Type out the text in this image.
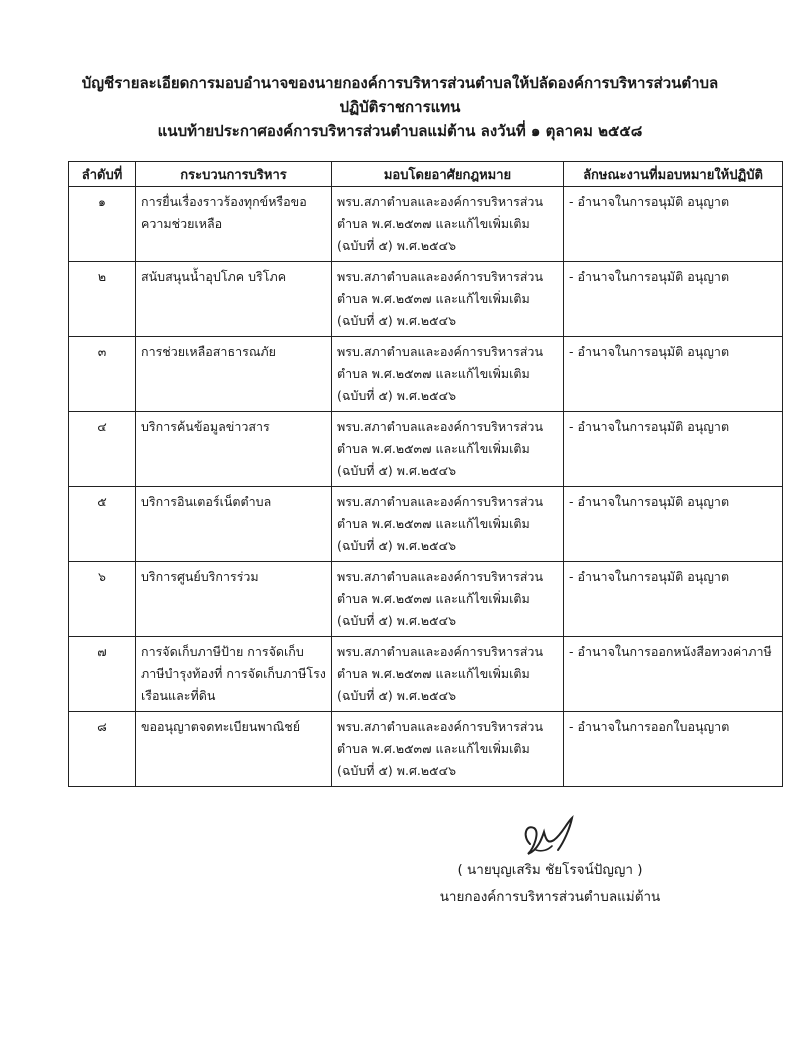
บัญชีรายละเอียดการมอบอำนาจของนายกองค์การบริหารส่วนตำบลให้ปลัดองค์การบริหารส่วนตำบล
ปฏิบัติราชการแทน
แนบท้ายประกาศองค์การบริหารส่วนตำบลแม่ต้าน ลงวันที่ ๑ ตุลาคม ๒๕๕๘
ลำดับที่	กระบวนการบริหาร	มอบโดยอาศัยกฎหมาย	ลักษณะงานที่มอบหมายให้ปฏิบัติ
๑	การยื่นเรื่องราวร้องทุกข์หรือขอความช่วยเหลือ	พรบ.สภาตำบลและองค์การบริหารส่วนตำบล พ.ศ.๒๕๓๗ และแก้ไขเพิ่มเติม (ฉบับที่ ๕) พ.ศ.๒๕๔๖	- อำนาจในการอนุมัติ อนุญาต
๒	สนับสนุนน้ำอุปโภค บริโภค	พรบ.สภาตำบลและองค์การบริหารส่วนตำบล พ.ศ.๒๕๓๗ และแก้ไขเพิ่มเติม (ฉบับที่ ๕) พ.ศ.๒๕๔๖	- อำนาจในการอนุมัติ อนุญาต
๓	การช่วยเหลือสาธารณภัย	พรบ.สภาตำบลและองค์การบริหารส่วนตำบล พ.ศ.๒๕๓๗ และแก้ไขเพิ่มเติม (ฉบับที่ ๕) พ.ศ.๒๕๔๖	- อำนาจในการอนุมัติ อนุญาต
๔	บริการค้นข้อมูลข่าวสาร	พรบ.สภาตำบลและองค์การบริหารส่วนตำบล พ.ศ.๒๕๓๗ และแก้ไขเพิ่มเติม (ฉบับที่ ๕) พ.ศ.๒๕๔๖	- อำนาจในการอนุมัติ อนุญาต
๕	บริการอินเตอร์เน็ตตำบล	พรบ.สภาตำบลและองค์การบริหารส่วนตำบล พ.ศ.๒๕๓๗ และแก้ไขเพิ่มเติม (ฉบับที่ ๕) พ.ศ.๒๕๔๖	- อำนาจในการอนุมัติ อนุญาต
๖	บริการศูนย์บริการร่วม	พรบ.สภาตำบลและองค์การบริหารส่วนตำบล พ.ศ.๒๕๓๗ และแก้ไขเพิ่มเติม (ฉบับที่ ๕) พ.ศ.๒๕๔๖	- อำนาจในการอนุมัติ อนุญาต
๗	การจัดเก็บภาษีป้าย การจัดเก็บภาษีบำรุงท้องที่ การจัดเก็บภาษีโรงเรือนและที่ดิน	พรบ.สภาตำบลและองค์การบริหารส่วนตำบล พ.ศ.๒๕๓๗ และแก้ไขเพิ่มเติม (ฉบับที่ ๕) พ.ศ.๒๕๔๖	- อำนาจในการออกหนังสือทวงค่าภาษี
๘	ขออนุญาตจดทะเบียนพาณิชย์	พรบ.สภาตำบลและองค์การบริหารส่วนตำบล พ.ศ.๒๕๓๗ และแก้ไขเพิ่มเติม (ฉบับที่ ๕) พ.ศ.๒๕๔๖	- อำนาจในการออกใบอนุญาต
( นายบุญเสริม ชัยโรจน์ปัญญา )
นายกองค์การบริหารส่วนตำบลแม่ต้าน
